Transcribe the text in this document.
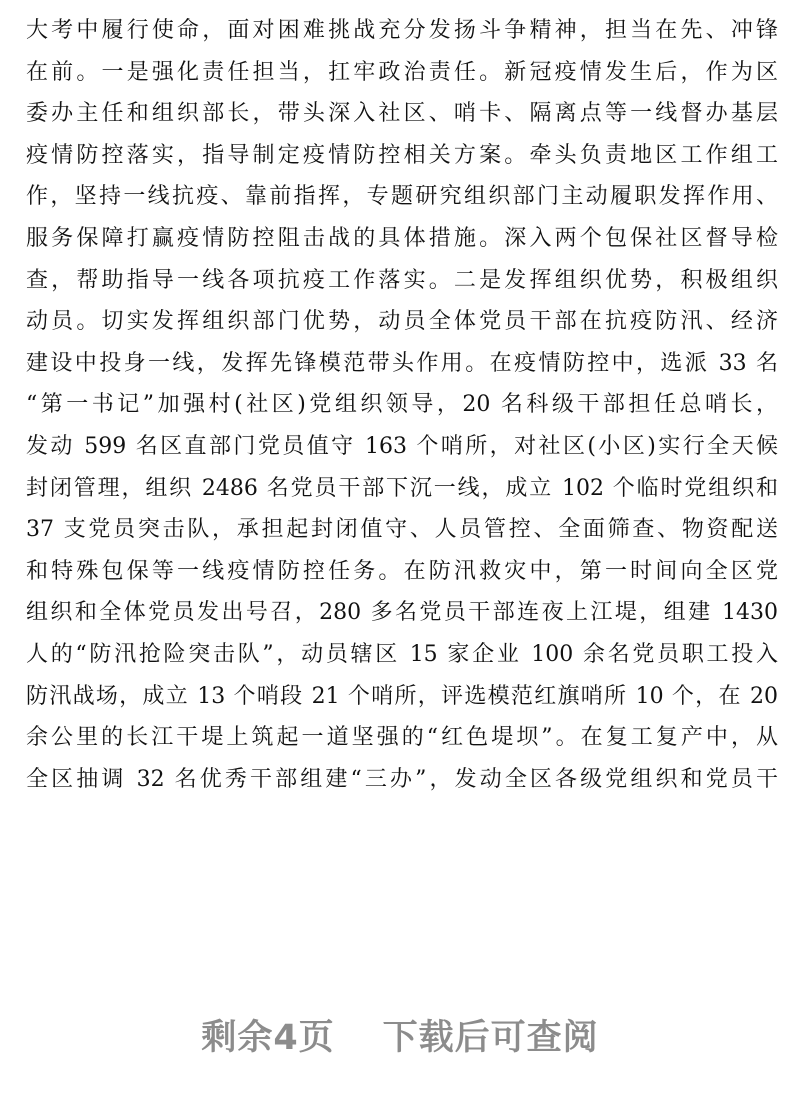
大考中履行使命，面对困难挑战充分发扬斗争精神，担当在先、冲锋
在前。一是强化责任担当，扛牢政治责任。新冠疫情发生后，作为区
委办主任和组织部长，带头深入社区、哨卡、隔离点等一线督办基层
疫情防控落实，指导制定疫情防控相关方案。牵头负责地区工作组工
作，坚持一线抗疫、靠前指挥，专题研究组织部门主动履职发挥作用、
服务保障打赢疫情防控阻击战的具体措施。深入两个包保社区督导检
查，帮助指导一线各项抗疫工作落实。二是发挥组织优势，积极组织
动员。切实发挥组织部门优势，动员全体党员干部在抗疫防汛、经济
建设中投身一线，发挥先锋模范带头作用。在疫情防控中，选派 33 名
“第一书记”加强村(社区)党组织领导，20 名科级干部担任总哨长，
发动 599 名区直部门党员值守 163 个哨所，对社区(小区)实行全天候
封闭管理，组织 2486 名党员干部下沉一线，成立 102 个临时党组织和
37 支党员突击队，承担起封闭值守、人员管控、全面筛查、物资配送
和特殊包保等一线疫情防控任务。在防汛救灾中，第一时间向全区党
组织和全体党员发出号召，280 多名党员干部连夜上江堤，组建 1430
人的“防汛抢险突击队”，动员辖区 15 家企业 100 余名党员职工投入
防汛战场，成立 13 个哨段 21 个哨所，评选模范红旗哨所 10 个，在 20
余公里的长江干堤上筑起一道坚强的“红色堤坝”。在复工复产中，从
全区抽调 32 名优秀干部组建“三办”，发动全区各级党组织和党员干
剩余4页 下载后可查阅
